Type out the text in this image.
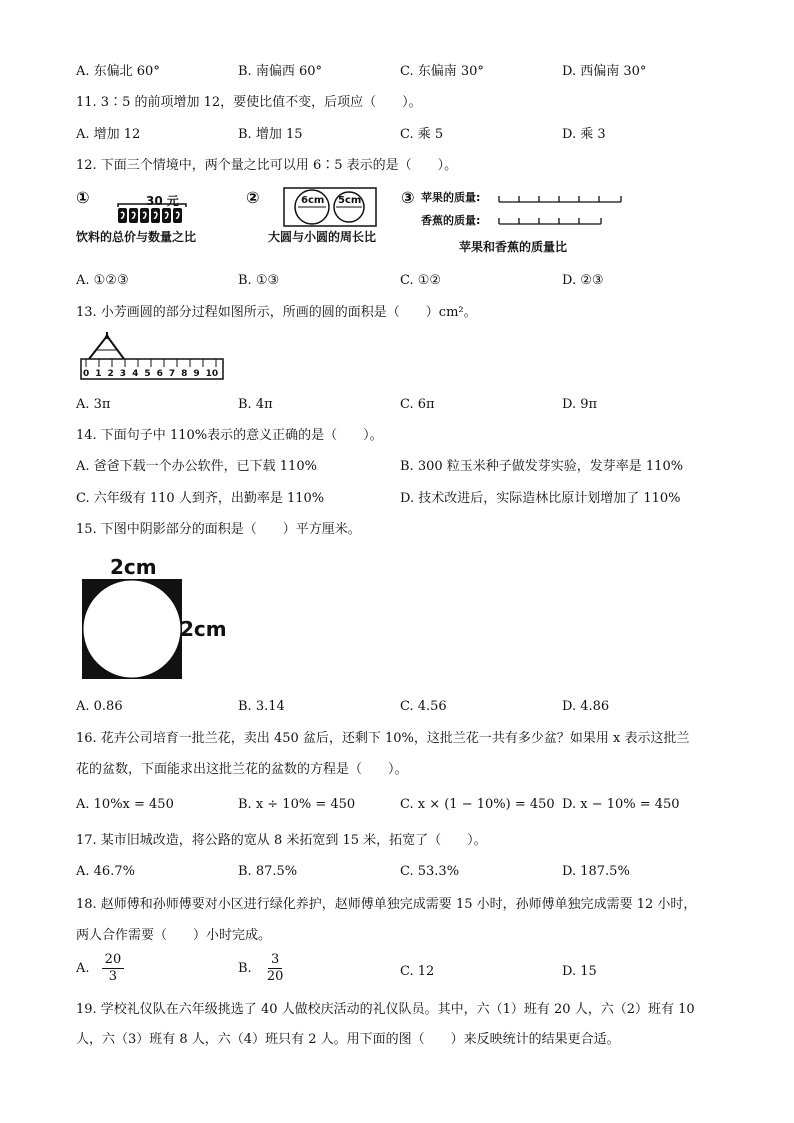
A. 东偏北 60°	B. 南偏西 60°	C. 东偏南 30°	D. 西偏南 30°
11. 3∶5 的前项增加 12，要使比值不变，后项应（　　）。
A. 增加 12	B. 增加 15	C. 乘 5	D. 乘 3
12. 下面三个情境中，两个量之比可以用 6∶5 表示的是（　　）。
①	30 元
饮料的总价与数量之比
②	6cm 5cm
大圆与小圆的周长比
③ 苹果的质量:
香蕉的质量:
苹果和香蕉的质量比
A. ①②③	B. ①③	C. ①②	D. ②③
13. 小芳画圆的部分过程如图所示，所画的圆的面积是（　　）cm²。
0 1 2 3 4 5 6 7 8 9 10
A. 3π	B. 4π	C. 6π	D. 9π
14. 下面句子中 110%表示的意义正确的是（　　）。
A. 爸爸下载一个办公软件，已下载 110%	B. 300 粒玉米种子做发芽实验，发芽率是 110%
C. 六年级有 110 人到齐，出勤率是 110%	D. 技术改进后，实际造林比原计划增加了 110%
15. 下图中阴影部分的面积是（　　）平方厘米。
2cm
2cm
A. 0.86	B. 3.14	C. 4.56	D. 4.86
16. 花卉公司培育一批兰花，卖出 450 盆后，还剩下 10%，这批兰花一共有多少盆？如果用 x 表示这批兰
花的盆数，下面能求出这批兰花的盆数的方程是（　　）。
A. 10%x = 450	B. x ÷ 10% = 450	C. x × (1 − 10%) = 450 D. x − 10% = 450
17. 某市旧城改造，将公路的宽从 8 米拓宽到 15 米，拓宽了（　　）。
A. 46.7%	B. 87.5%	C. 53.3%	D. 187.5%
18. 赵师傅和孙师傅要对小区进行绿化养护，赵师傅单独完成需要 15 小时，孙师傅单独完成需要 12 小时，
两人合作需要（　　）小时完成。
A. $\frac{20}{3}$	B. $\frac{3}{20}$	C. 12	D. 15
19. 学校礼仪队在六年级挑选了 40 人做校庆活动的礼仪队员。其中，六（1）班有 20 人，六（2）班有 10
人，六（3）班有 8 人，六（4）班只有 2 人。用下面的图（　　）来反映统计的结果更合适。
